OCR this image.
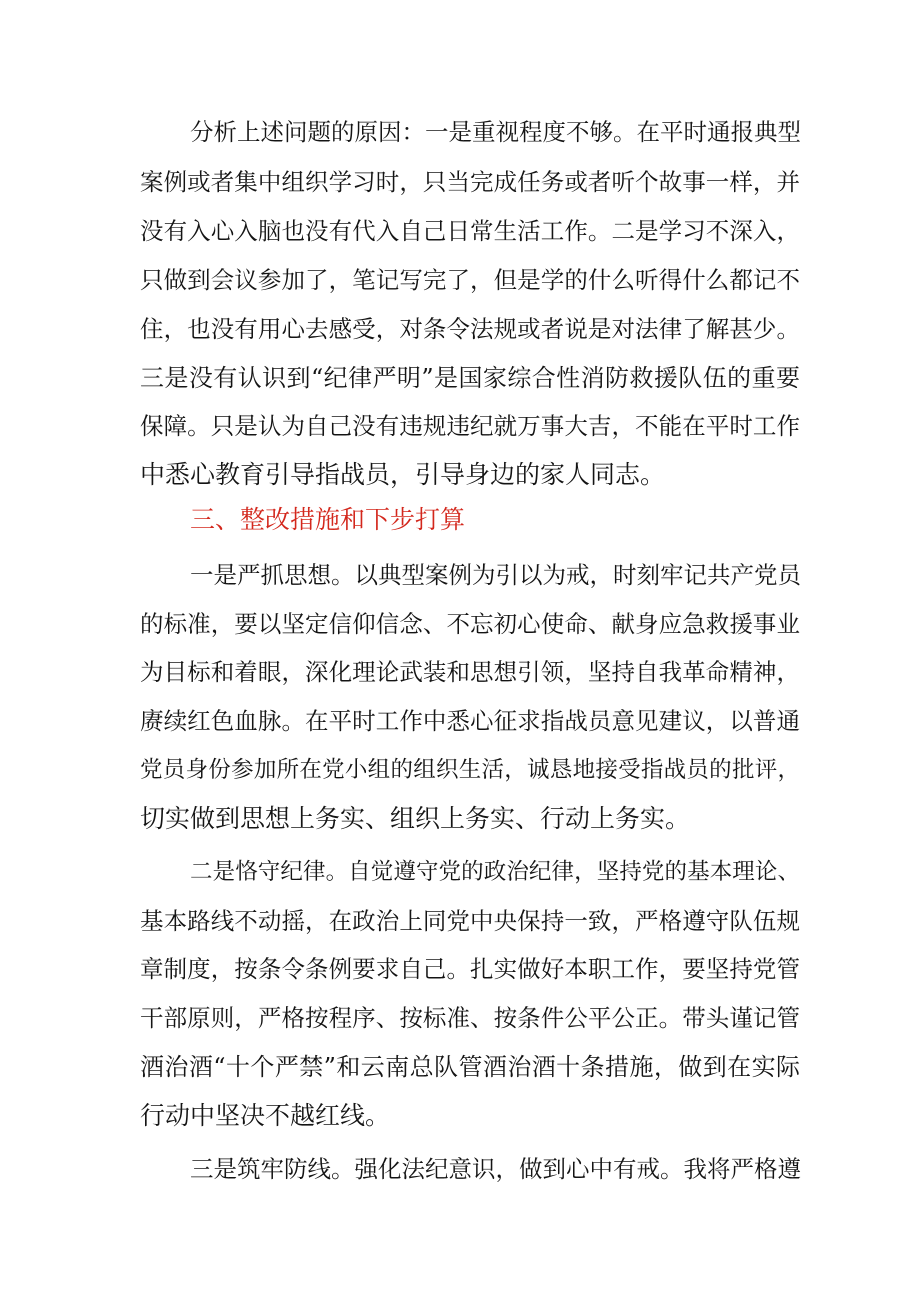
分析上述问题的原因：一是重视程度不够。在平时通报典型
案例或者集中组织学习时，只当完成任务或者听个故事一样，并
没有入心入脑也没有代入自己日常生活工作。二是学习不深入，
只做到会议参加了，笔记写完了，但是学的什么听得什么都记不
住，也没有用心去感受，对条令法规或者说是对法律了解甚少。
三是没有认识到“纪律严明”是国家综合性消防救援队伍的重要
保障。只是认为自己没有违规违纪就万事大吉，不能在平时工作
中悉心教育引导指战员，引导身边的家人同志。
三、整改措施和下步打算
一是严抓思想。以典型案例为引以为戒，时刻牢记共产党员
的标准，要以坚定信仰信念、不忘初心使命、献身应急救援事业
为目标和着眼，深化理论武装和思想引领，坚持自我革命精神，
赓续红色血脉。在平时工作中悉心征求指战员意见建议，以普通
党员身份参加所在党小组的组织生活，诚恳地接受指战员的批评，
切实做到思想上务实、组织上务实、行动上务实。
二是恪守纪律。自觉遵守党的政治纪律，坚持党的基本理论、
基本路线不动摇，在政治上同党中央保持一致，严格遵守队伍规
章制度，按条令条例要求自己。扎实做好本职工作，要坚持党管
干部原则，严格按程序、按标准、按条件公平公正。带头谨记管
酒治酒“十个严禁”和云南总队管酒治酒十条措施，做到在实际
行动中坚决不越红线。
三是筑牢防线。强化法纪意识，做到心中有戒。我将严格遵
